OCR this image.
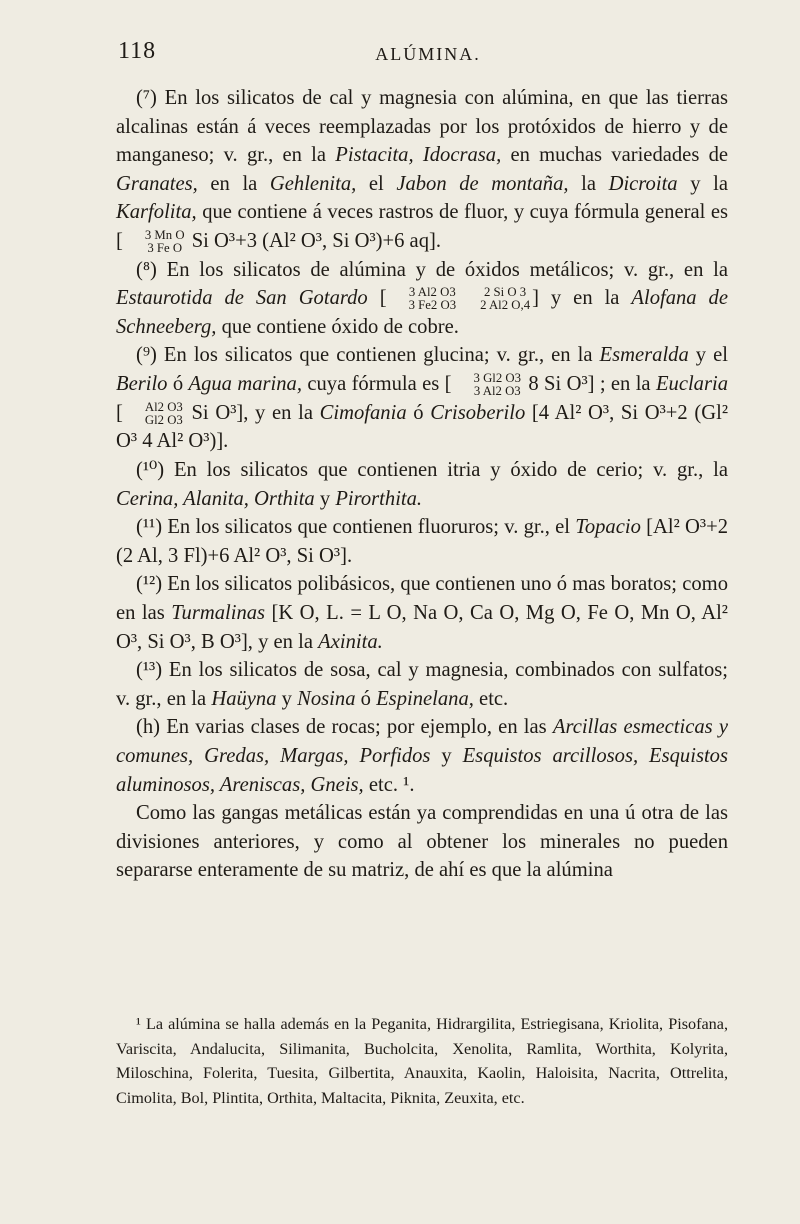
118	ALÚMINA.

(⁷) En los silicatos de cal y magnesia con alúmina, en que las tierras alcalinas están á veces reemplazadas por los protóxidos de hierro y de manganeso; v. gr., en la Pistacita, Idocrasa, en muchas variedades de Granates, en la Gehlenita, el Jabon de montaña, la Dicroita y la Karfolita, que contiene á veces rastros de fluor, y cuya fórmula general es [	3 Mn O
3 Fe O Si O³+3 (Al² O³, Si O³)+6 aq].

(⁸) En los silicatos de alúmina y de óxidos metálicos; v. gr., en la Estaurotida de San Gotardo [	3 Al2 O3
3 Fe2 O3
2 Si O 3
2 Al2 O,4 ] y en la Alofana de Schneeberg, que contiene óxido de cobre.

(⁹) En los silicatos que contienen glucina; v. gr., en la Esmeralda y el Berilo ó Agua marina, cuya fórmula es [	3 Gl2 O3
3 Al2 O3 8 Si O³] ; en la Euclaria [	Al2 O3
Gl2 O3 Si O³], y en la Cimofania ó Crisoberilo [4 Al² O³, Si O³+2 (Gl² O³ 4 Al² O³)].

(¹⁰) En los silicatos que contienen itria y óxido de cerio; v. gr., la Cerina, Alanita, Orthita y Pirorthita.

(¹¹) En los silicatos que contienen fluoruros; v. gr., el Topacio [Al² O³+2 (2 Al, 3 Fl)+6 Al² O³, Si O³].

(¹²) En los silicatos polibásicos, que contienen uno ó mas boratos; como en las Turmalinas [K O, L. = L O, Na O, Ca O, Mg O, Fe O, Mn O, Al² O³, Si O³, B O³], y en la Axinita.

(¹³) En los silicatos de sosa, cal y magnesia, combinados con sulfatos; v. gr., en la Haüyna y Nosina ó Espinelana, etc.

(h) En varias clases de rocas; por ejemplo, en las Arcillas esmecticas y comunes, Gredas, Margas, Porfidos y Esquistos arcillosos, Esquistos aluminosos, Areniscas, Gneis, etc. ¹.

Como las gangas metálicas están ya comprendidas en una ú otra de las divisiones anteriores, y como al obtener los minerales no pueden separarse enteramente de su matriz, de ahí es que la alúmina

¹ La alúmina se halla además en la Peganita, Hidrargilita, Estriegisana, Kriolita, Pisofana, Variscita, Andalucita, Silimanita, Bucholcita, Xenolita, Ramlita, Worthita, Kolyrita, Miloschina, Folerita, Tuesita, Gilbertita, Anauxita, Kaolin, Haloisita, Nacrita, Ottrelita, Cimolita, Bol, Plintita, Orthita, Maltacita, Piknita, Zeuxita, etc.
